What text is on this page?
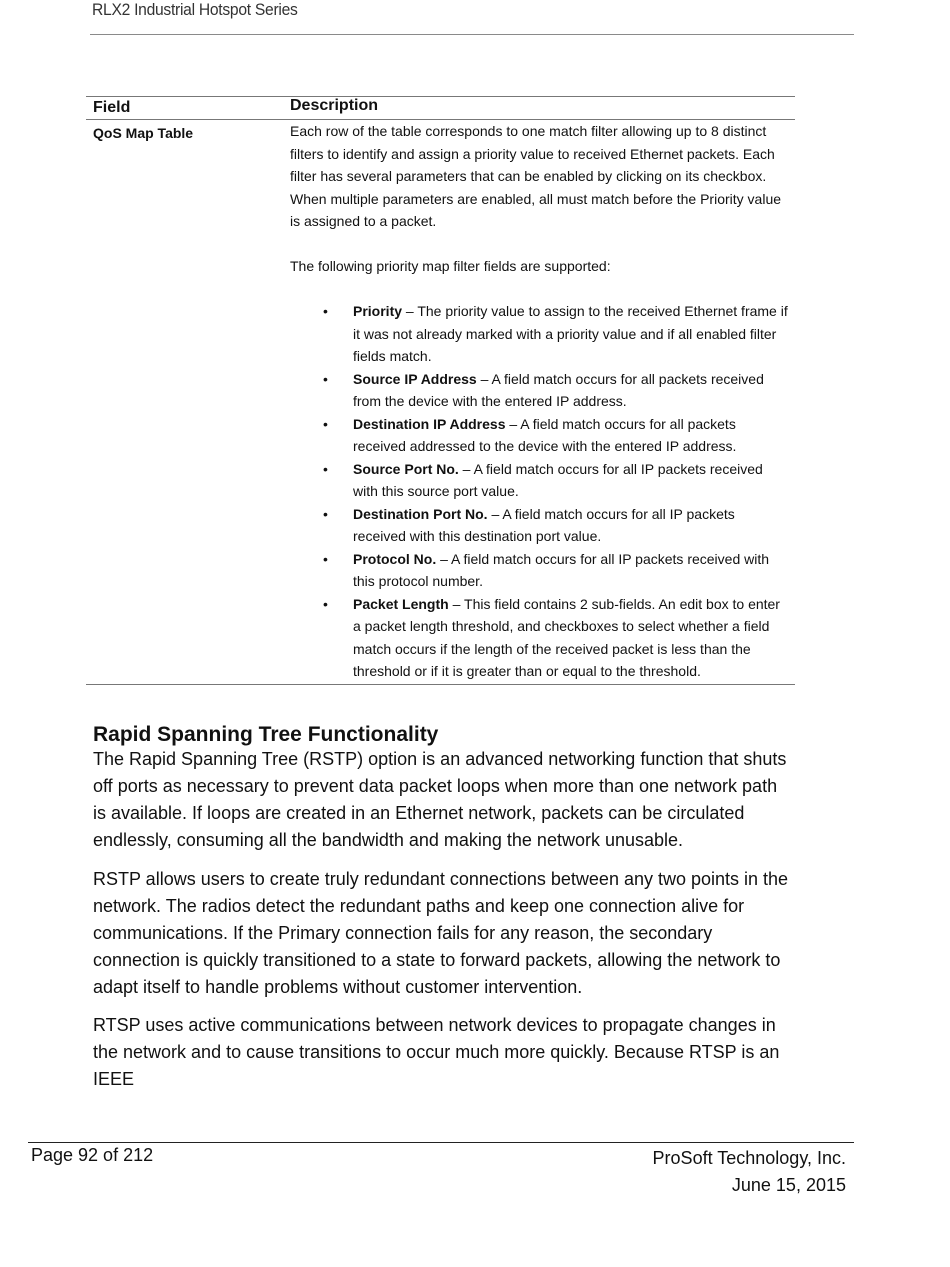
RLX2 Industrial Hotspot Series
Field	Description
QoS Map Table	Each row of the table corresponds to one match filter allowing up to 8 distinct filters to identify and assign a priority value to received Ethernet packets. Each filter has several parameters that can be enabled by clicking on its checkbox. When multiple parameters are enabled, all must match before the Priority value is assigned to a packet.

The following priority map filter fields are supported:

• Priority – The priority value to assign to the received Ethernet frame if it was not already marked with a priority value and if all enabled filter fields match.
• Source IP Address – A field match occurs for all packets received from the device with the entered IP address.
• Destination IP Address – A field match occurs for all packets received addressed to the device with the entered IP address.
• Source Port No. – A field match occurs for all IP packets received with this source port value.
• Destination Port No. – A field match occurs for all IP packets received with this destination port value.
• Protocol No. – A field match occurs for all IP packets received with this protocol number.
• Packet Length – This field contains 2 sub-fields. An edit box to enter a packet length threshold, and checkboxes to select whether a field match occurs if the length of the received packet is less than the threshold or if it is greater than or equal to the threshold.
Rapid Spanning Tree Functionality
The Rapid Spanning Tree (RSTP) option is an advanced networking function that shuts off ports as necessary to prevent data packet loops when more than one network path is available. If loops are created in an Ethernet network, packets can be circulated endlessly, consuming all the bandwidth and making the network unusable.
RSTP allows users to create truly redundant connections between any two points in the network. The radios detect the redundant paths and keep one connection alive for communications. If the Primary connection fails for any reason, the secondary connection is quickly transitioned to a state to forward packets, allowing the network to adapt itself to handle problems without customer intervention.
RTSP uses active communications between network devices to propagate changes in the network and to cause transitions to occur much more quickly. Because RTSP is an IEEE
Page 92 of 212	ProSoft Technology, Inc.
June 15, 2015
